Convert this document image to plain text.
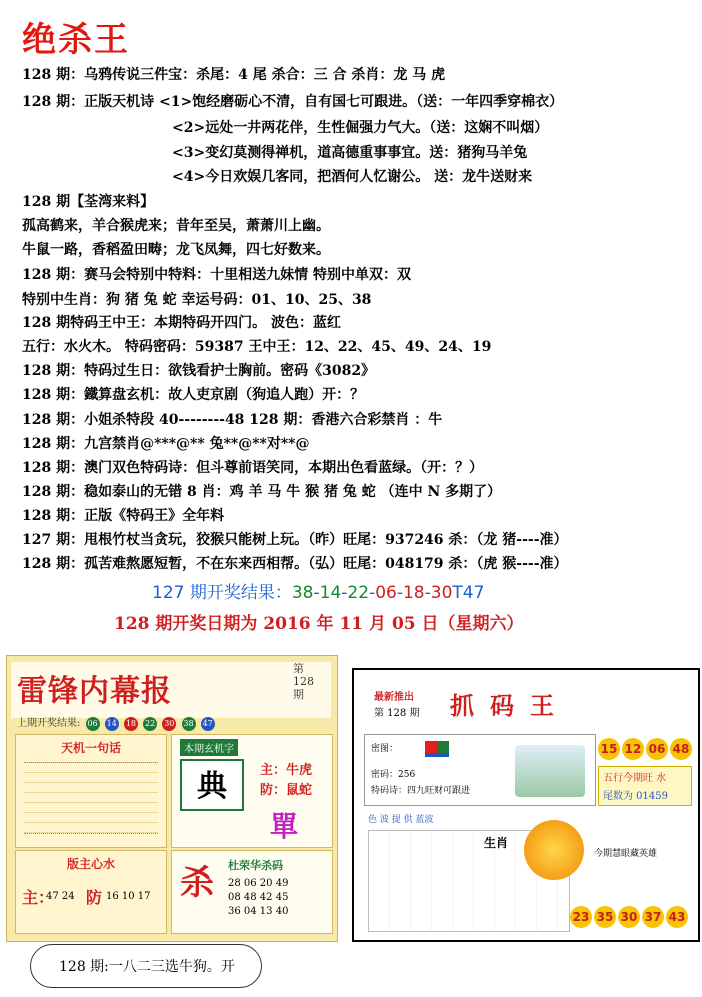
绝杀王
128 期：乌鸦传说三件宝：杀尾：4 尾 杀合：三 合 杀肖：龙 马 虎
128 期：正版天机诗 <1>饱经磨砺心不清，自有国七可跟进。（送：一年四季穿棉衣）
<2>远处一井两花伴，生性倔强力气大。（送：这娴不叫烟）
<3>变幻莫测得禅机，道高德重事事宜。送：猪狗马羊兔
<4>今日欢娱几客同，把酒何人忆谢公。 送：龙牛送财来
128 期【荃湾来料】
孤高鹤来，羊合猴虎来；昔年至吴，萧萧川上幽。
牛鼠一路，香稻盈田畴；龙飞凤舞，四七好数来。
128 期：赛马会特别中特料：十里相送九妹情 特别中单双：双
特别中生肖：狗 猪 兔 蛇 幸运号码：01、10、25、38
128 期特码王中王：本期特码开四门。 波色：蓝红
五行：水火木。 特码密码：59387 王中王：12、22、45、49、24、19
128 期：特码过生日：欲钱看护士胸前。密码《3082》
128 期：鐵算盘玄机：故人吏京剧（狗追人跑）开：？
128 期：小姐杀特段 40--------48 128 期：香港六合彩禁肖 ：牛
128 期：九宫禁肖@***@** 兔**@**对**@
128 期：澳门双色特码诗：但斗尊前语笑同，本期出色看蓝绿。（开：？）
128 期：稳如泰山的无错 8 肖：鸡 羊 马 牛 猴 猪 兔 蛇 （连中 N 多期了）
128 期：正版《特码王》全年料
127 期：甩根竹杖当贪玩，狡猴只能树上玩。（昨）旺尾：937246 杀：（龙 猪----准）
128 期：孤苦难熬愿短暂，不在东来西相帮。（弘）旺尾：048179 杀：（虎 猴----准）
127 期开奖结果：38-14-22-06-18-30T47
128 期开奖日期为 2016 年 11 月 05 日（星期六）
雷锋内幕报
第
128
期
上期开奖结果: 06 14 18 22 30 38 47
天机一句话	本期玄机字
典	主：牛虎
防：鼠蛇
單
版主心水
主：
47 24 防 16 10 17 杀 杜荣华杀码
28 06 20 49
08 48 42 45
36 04 13 40
最新推出
第 128 期 抓码王
密图：
密码：256
特码诗：四九旺财可跟进
15 12 06 48
五行今期旺 水
尾数为 01459
色 波 提 供 蓝波
生肖
今期慧眼藏英雄
23 35 30 37 43
128 期:一八二三选牛狗。开
